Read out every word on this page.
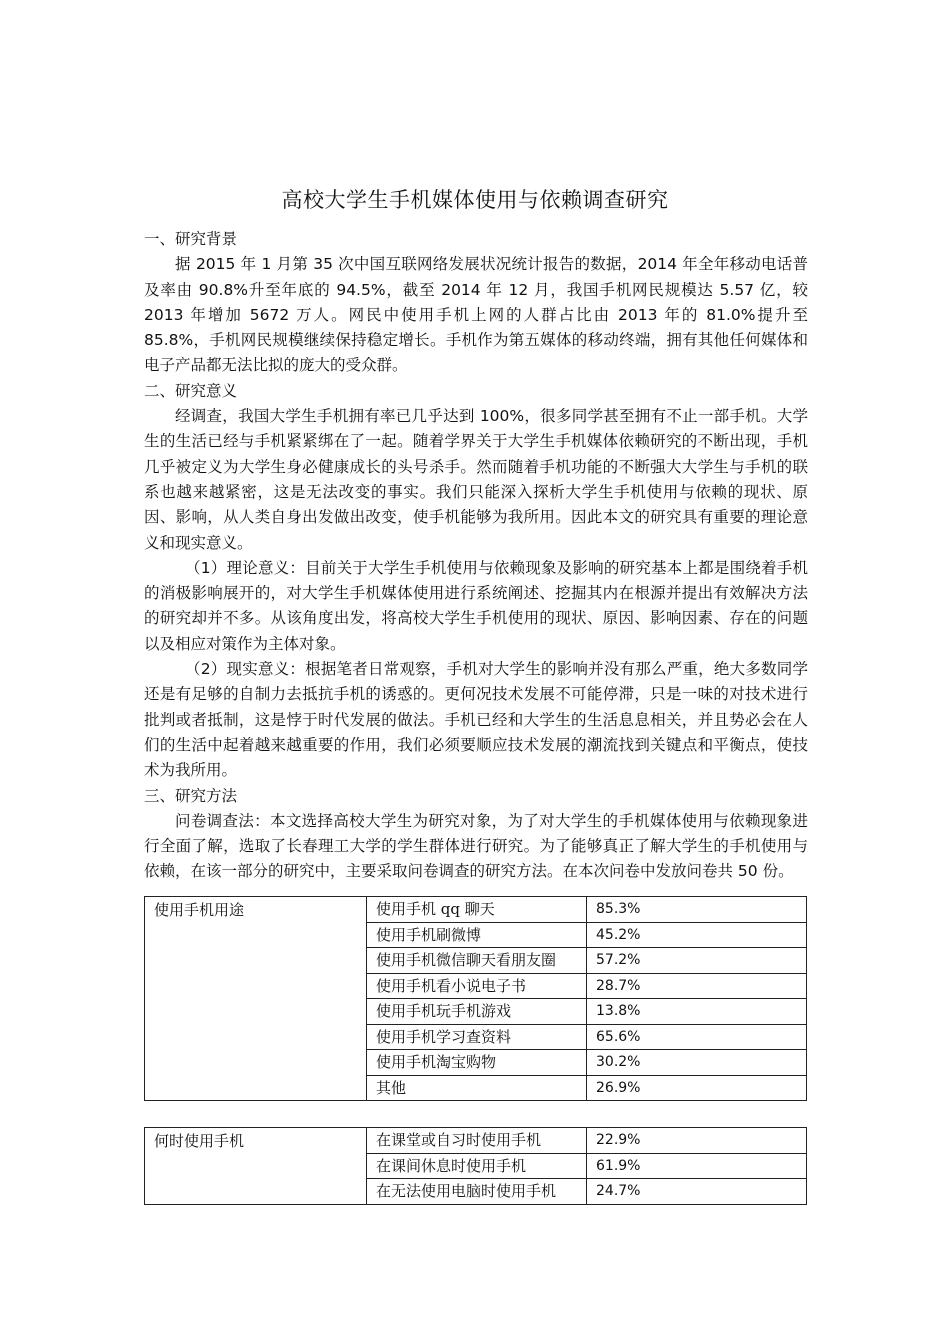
高校大学生手机媒体使用与依赖调查研究

一、研究背景

据 2015 年 1 月第 35 次中国互联网络发展状况统计报告的数据，2014 年全年移动电话普及率由 90.8%升至年底的 94.5%，截至 2014 年 12 月，我国手机网民规模达 5.57 亿，较 2013 年增加 5672 万人。网民中使用手机上网的人群占比由 2013 年的 81.0%提升至 85.8%，手机网民规模继续保持稳定增长。手机作为第五媒体的移动终端，拥有其他任何媒体和电子产品都无法比拟的庞大的受众群。

二、研究意义

经调查，我国大学生手机拥有率已几乎达到 100%，很多同学甚至拥有不止一部手机。大学生的生活已经与手机紧紧绑在了一起。随着学界关于大学生手机媒体依赖研究的不断出现，手机几乎被定义为大学生身必健康成长的头号杀手。然而随着手机功能的不断强大大学生与手机的联系也越来越紧密，这是无法改变的事实。我们只能深入探析大学生手机使用与依赖的现状、原因、影响，从人类自身出发做出改变，使手机能够为我所用。因此本文的研究具有重要的理论意义和现实意义。

（1）理论意义：目前关于大学生手机使用与依赖现象及影响的研究基本上都是围绕着手机的消极影响展开的，对大学生手机媒体使用进行系统阐述、挖掘其内在根源并提出有效解决方法的研究却并不多。从该角度出发，将高校大学生手机使用的现状、原因、影响因素、存在的问题以及相应对策作为主体对象。

（2）现实意义：根据笔者日常观察，手机对大学生的影响并没有那么严重，绝大多数同学还是有足够的自制力去抵抗手机的诱惑的。更何况技术发展不可能停滞，只是一味的对技术进行批判或者抵制，这是悖于时代发展的做法。手机已经和大学生的生活息息相关，并且势必会在人们的生活中起着越来越重要的作用，我们必须要顺应技术发展的潮流找到关键点和平衡点，使技术为我所用。

三、研究方法

问卷调查法：本文选择高校大学生为研究对象，为了对大学生的手机媒体使用与依赖现象进行全面了解，选取了长春理工大学的学生群体进行研究。为了能够真正了解大学生的手机使用与依赖，在该一部分的研究中，主要采取问卷调查的研究方法。在本次问卷中发放问卷共 50 份。

使用手机用途	使用手机 qq 聊天	85.3%
	使用手机刷微博	45.2%
	使用手机微信聊天看朋友圈	57.2%
	使用手机看小说电子书	28.7%
	使用手机玩手机游戏	13.8%
	使用手机学习查资料	65.6%
	使用手机淘宝购物	30.2%
	其他	26.9%
何时使用手机	在课堂或自习时使用手机	22.9%
	在课间休息时使用手机	61.9%
	在无法使用电脑时使用手机	24.7%
